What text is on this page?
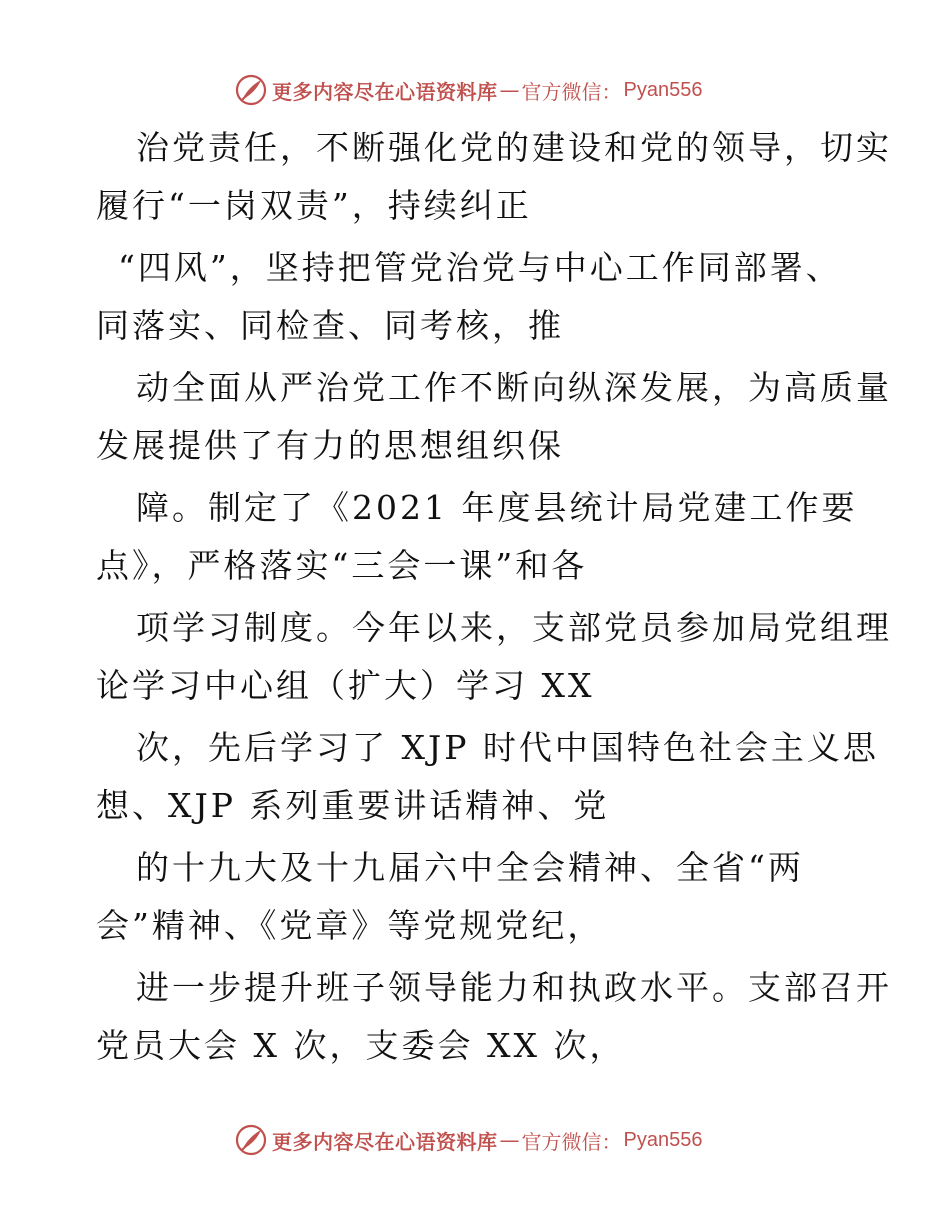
更多内容尽在心语资料库 — 官方微信： Pyan556
治党责任，不断强化党的建设和党的领导，切实
履行“一岗双责”，持续纠正
“四风”，坚持把管党治党与中心工作同部署、
同落实、同检查、同考核，推
动全面从严治党工作不断向纵深发展，为高质量
发展提供了有力的思想组织保
障。制定了《2021 年度县统计局党建工作要
点》，严格落实“三会一课”和各
项学习制度。今年以来，支部党员参加局党组理
论学习中心组（扩大）学习 XX
次，先后学习了 XJP 时代中国特色社会主义思
想、XJP 系列重要讲话精神、党
的十九大及十九届六中全会精神、全省“两
会”精神、《党章》等党规党纪，
进一步提升班子领导能力和执政水平。支部召开
党员大会 X 次，支委会 XX 次，
更多内容尽在心语资料库 — 官方微信： Pyan556
